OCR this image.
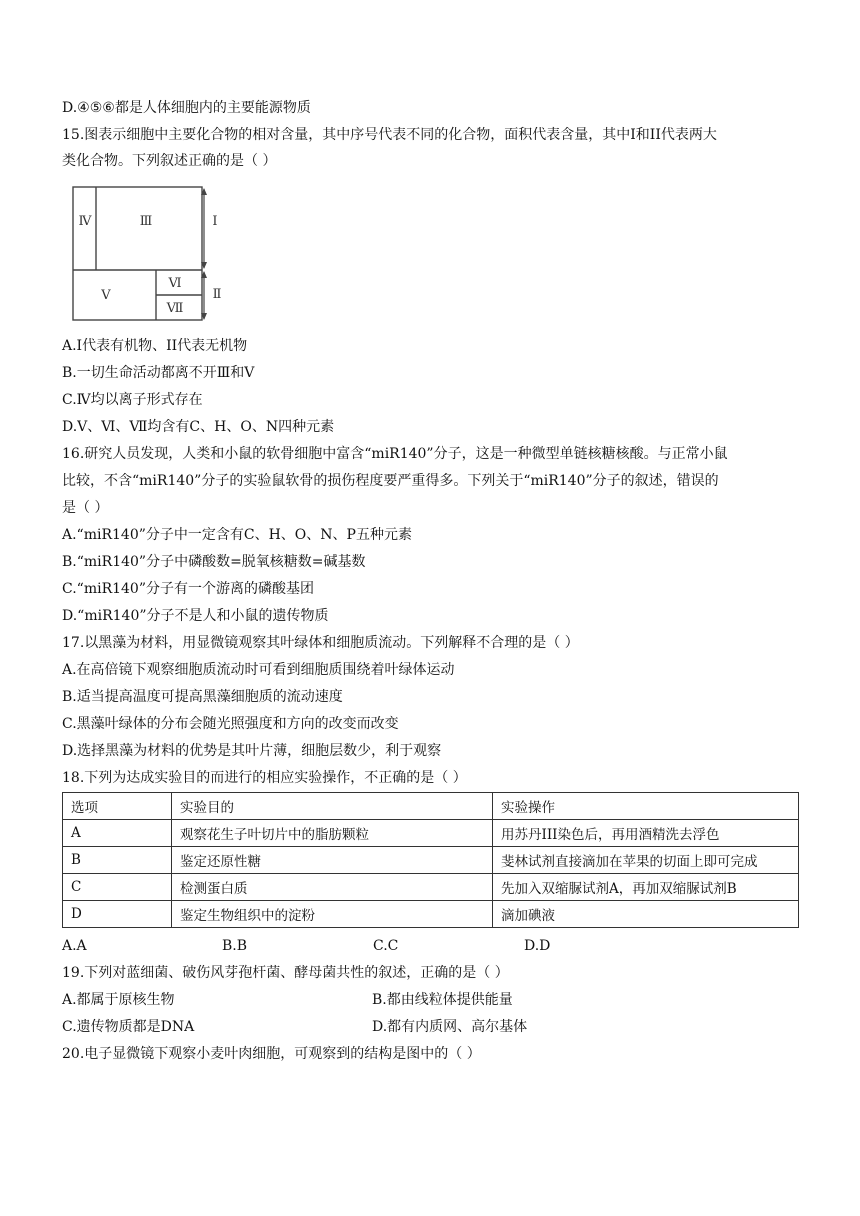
D.④⑤⑥都是人体细胞内的主要能源物质
15.图表示细胞中主要化合物的相对含量，其中序号代表不同的化合物，面积代表含量，其中Ⅰ和II代表两大
类化合物。下列叙述正确的是（ ）
Ⅳ	Ⅲ
Ⅴ
Ⅵ
Ⅶ
Ⅰ
Ⅱ
A.Ⅰ代表有机物、II代表无机物
B.一切生命活动都离不开Ⅲ和Ⅴ
C.Ⅳ均以离子形式存在
D.Ⅴ、Ⅵ、Ⅶ均含有C、H、O、N四种元素
16.研究人员发现，人类和小鼠的软骨细胞中富含“miR140”分子，这是一种微型单链核糖核酸。与正常小鼠
比较，不含“miR140”分子的实验鼠软骨的损伤程度要严重得多。下列关于“miR140”分子的叙述，错误的
是（ ）
A.“miR140”分子中一定含有C、H、O、N、P五种元素
B.“miR140”分子中磷酸数=脱氧核糖数=碱基数
C.“miR140”分子有一个游离的磷酸基团
D.“miR140”分子不是人和小鼠的遗传物质
17.以黑藻为材料，用显微镜观察其叶绿体和细胞质流动。下列解释不合理的是（ ）
A.在高倍镜下观察细胞质流动时可看到细胞质围绕着叶绿体运动
B.适当提高温度可提高黑藻细胞质的流动速度
C.黑藻叶绿体的分布会随光照强度和方向的改变而改变
D.选择黑藻为材料的优势是其叶片薄，细胞层数少，利于观察
18.下列为达成实验目的而进行的相应实验操作，不正确的是（ ）
选项	实验目的	实验操作
A	观察花生子叶切片中的脂肪颗粒	用苏丹III染色后，再用酒精洗去浮色
B	鉴定还原性糖	斐林试剂直接滴加在苹果的切面上即可完成
C	检测蛋白质	先加入双缩脲试剂A，再加双缩脲试剂B
D	鉴定生物组织中的淀粉	滴加碘液
A.A	B.B	C.C	D.D
19.下列对蓝细菌、破伤风芽孢杆菌、酵母菌共性的叙述，正确的是（ ）
A.都属于原核生物	B.都由线粒体提供能量
C.遗传物质都是DNA	D.都有内质网、高尔基体
20.电子显微镜下观察小麦叶肉细胞，可观察到的结构是图中的（ ）
